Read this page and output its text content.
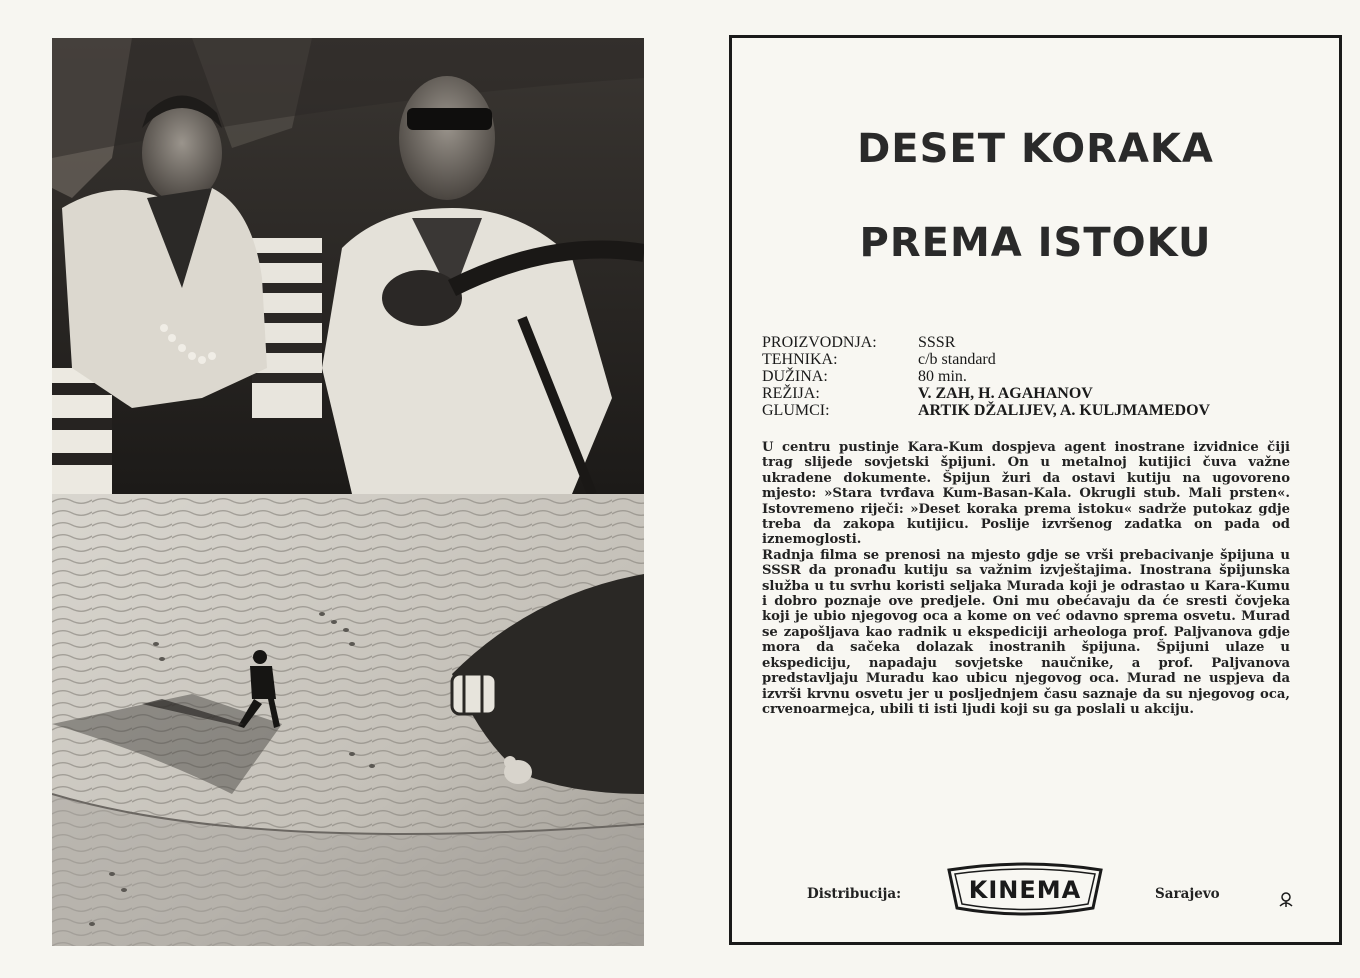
DESET KORAKA
PREMA ISTOKU
PROIZVODNJA:	SSSR
TEHNIKA:	c/b standard
DUŽINA:	80 min.
REŽIJA:	V. ZAH, H. AGAHANOV
GLUMCI:	ARTIK DŽALIJEV, A. KULJMAMEDOV

U centru pustinje Kara-Kum dospjeva agent inostrane izvidnice čiji trag slijede sovjetski špijuni. On u metalnoj kutijici čuva važne ukradene dokumente. Špijun žuri da ostavi kutiju na ugovoreno mjesto: »Stara tvrđava Kum-Basan-Kala. Okrugli stub. Mali prsten«. Istovremeno riječi: »Deset koraka prema istoku« sadrže putokaz gdje treba da zakopa kutijicu. Poslije izvršenog zadatka on pada od iznemoglosti.

Radnja filma se prenosi na mjesto gdje se vrši prebacivanje špijuna u SSSR da pronađu kutiju sa važnim izvještajima. Inostrana špijunska služba u tu svrhu koristi seljaka Murada koji je odrastao u Kara-Kumu i dobro poznaje ove predjele. Oni mu obećavaju da će sresti čovjeka koji je ubio njegovog oca a kome on već odavno sprema osvetu. Murad se zapošljava kao radnik u ekspediciji arheologa prof. Paljvanova gdje mora da sačeka dolazak inostranih špijuna. Špijuni ulaze u ekspediciju, napadaju sovjetske naučnike, a prof. Paljvanova predstavljaju Muradu kao ubicu njegovog oca. Murad ne uspjeva da izvrši krvnu osvetu jer u posljednjem času saznaje da su njegovog oca, crvenoarmejca, ubili ti isti ljudi koji su ga poslali u akciju.

Distribucija:	KINEMA	Sarajevo
